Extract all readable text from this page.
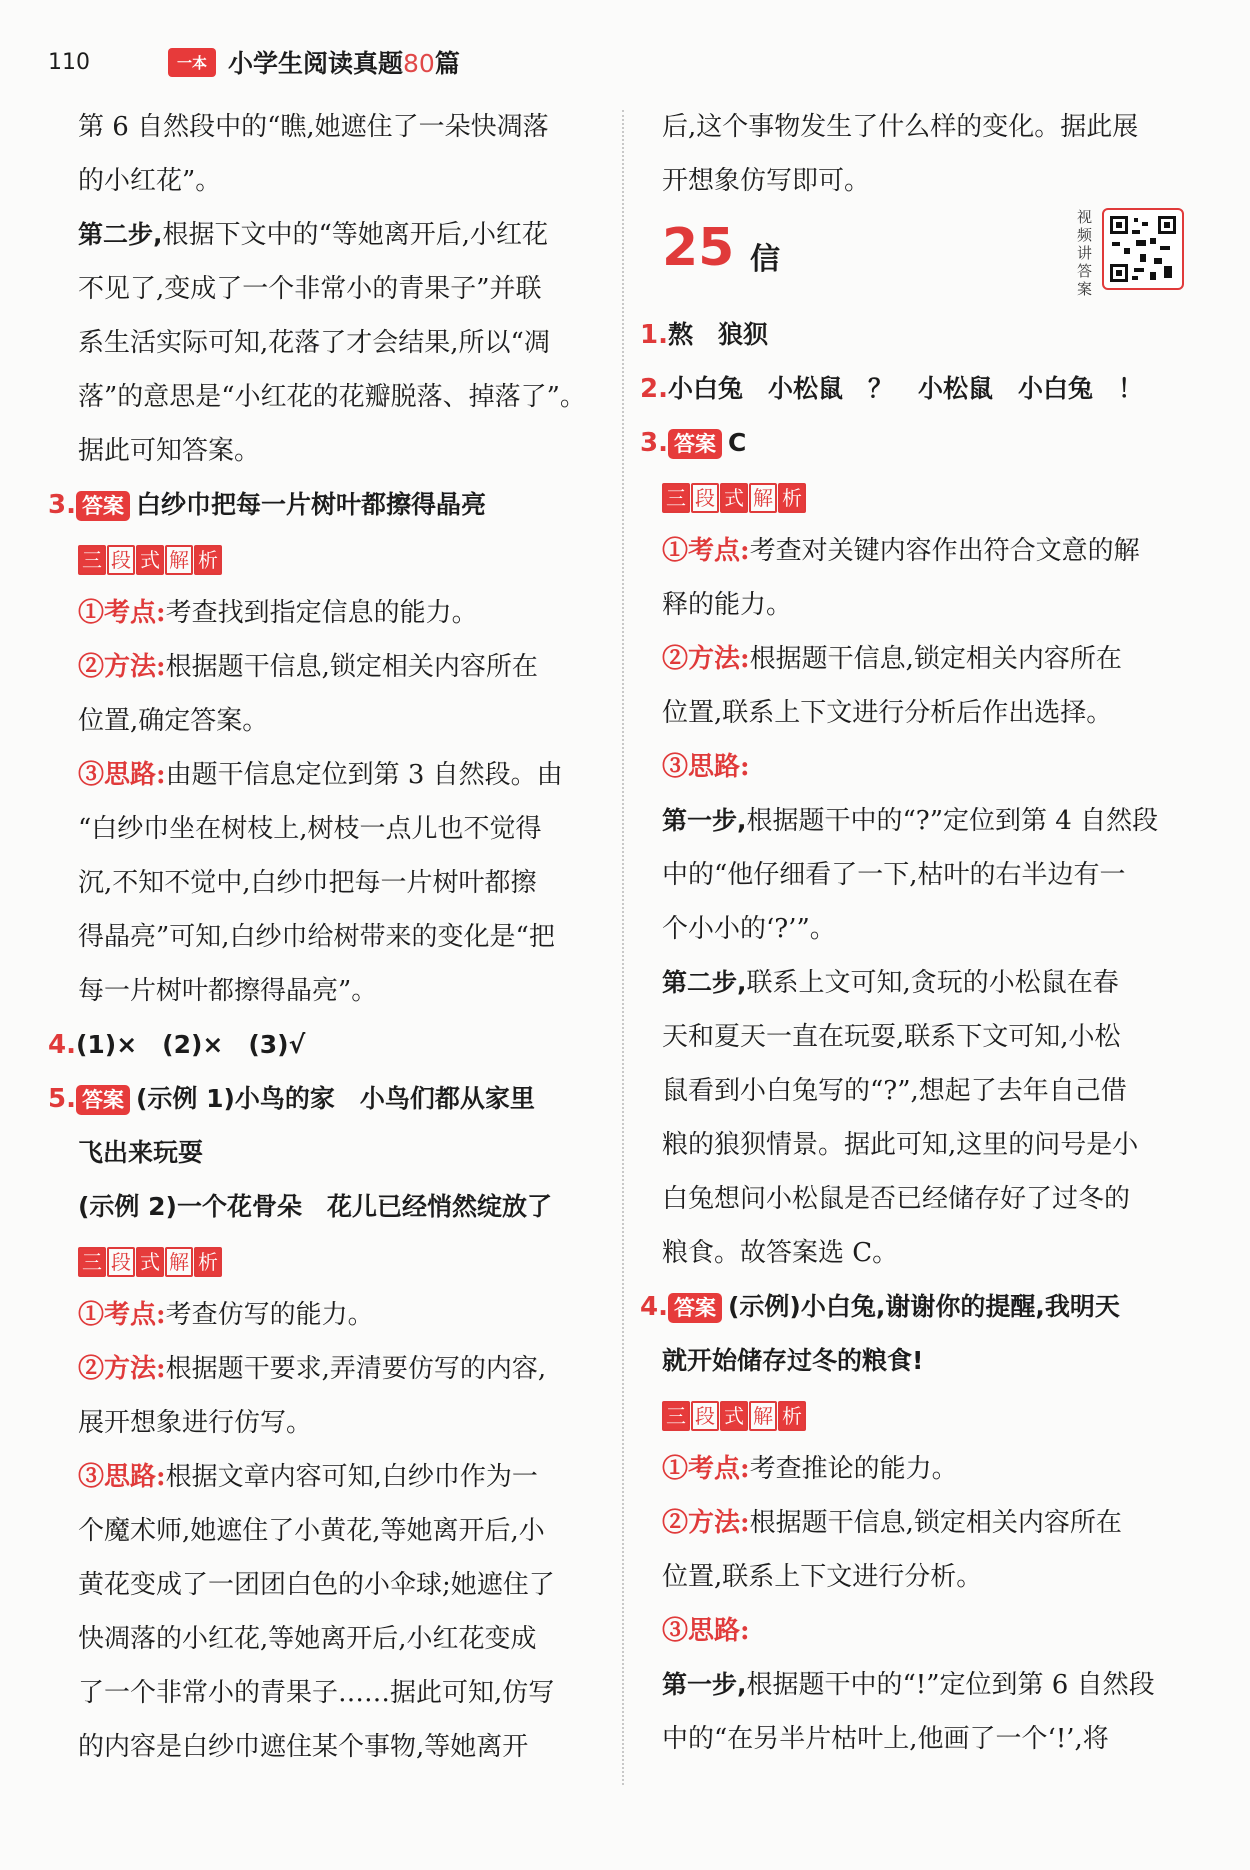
110	一本 小学生阅读真题80篇
第 6 自然段中的“瞧,她遮住了一朵快凋落
的小红花”。
第二步,根据下文中的“等她离开后,小红花
不见了,变成了一个非常小的青果子”并联
系生活实际可知,花落了才会结果,所以“凋
落”的意思是“小红花的花瓣脱落、掉落了”。
据此可知答案。
3. 答案 白纱巾把每一片树叶都擦得晶亮
三 段 式 解 析
①考点:考查找到指定信息的能力。
②方法:根据题干信息,锁定相关内容所在
位置,确定答案。
③思路:由题干信息定位到第 3 自然段。由
“白纱巾坐在树枝上,树枝一点儿也不觉得
沉,不知不觉中,白纱巾把每一片树叶都擦
得晶亮”可知,白纱巾给树带来的变化是“把
每一片树叶都擦得晶亮”。
4.(1)×　(2)×　(3)√
5. 答案 (示例 1)小鸟的家　小鸟们都从家里
飞出来玩耍
(示例 2)一个花骨朵　花儿已经悄然绽放了
三 段 式 解 析
①考点:考查仿写的能力。
②方法:根据题干要求,弄清要仿写的内容,
展开想象进行仿写。
③思路:根据文章内容可知,白纱巾作为一
个魔术师,她遮住了小黄花,等她离开后,小
黄花变成了一团团白色的小伞球;她遮住了
快凋落的小红花,等她离开后,小红花变成
了一个非常小的青果子……据此可知,仿写
的内容是白纱巾遮住某个事物,等她离开
后,这个事物发生了什么样的变化。据此展
开想象仿写即可。
25 信
视频讲答案
1.熬　狼狈
2.小白兔　小松鼠　？　小松鼠　小白兔　！
3. 答案 C
三 段 式 解 析
①考点:考查对关键内容作出符合文意的解
释的能力。
②方法:根据题干信息,锁定相关内容所在
位置,联系上下文进行分析后作出选择。
③思路:
第一步,根据题干中的“?”定位到第 4 自然段
中的“他仔细看了一下,枯叶的右半边有一
个小小的‘?’”。
第二步,联系上文可知,贪玩的小松鼠在春
天和夏天一直在玩耍,联系下文可知,小松
鼠看到小白兔写的“?”,想起了去年自己借
粮的狼狈情景。据此可知,这里的问号是小
白兔想问小松鼠是否已经储存好了过冬的
粮食。故答案选 C。
4. 答案 (示例)小白兔,谢谢你的提醒,我明天
就开始储存过冬的粮食!
三 段 式 解 析
①考点:考查推论的能力。
②方法:根据题干信息,锁定相关内容所在
位置,联系上下文进行分析。
③思路:
第一步,根据题干中的“!”定位到第 6 自然段
中的“在另半片枯叶上,他画了一个‘!’,将
